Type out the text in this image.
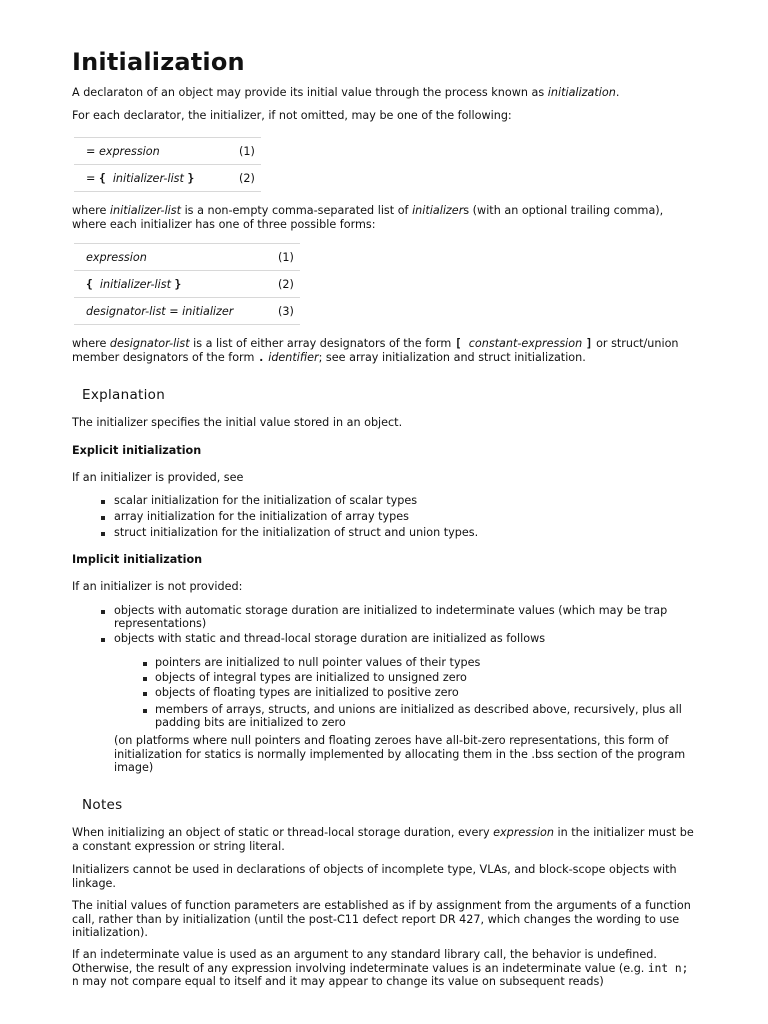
Initialization

A declaraton of an object may provide its initial value through the process known as initialization.

For each declarator, the initializer, if not omitted, may be one of the following:

= expression	(1)
= { initializer-list }	(2)

where initializer-list is a non-empty comma-separated list of initializers (with an optional trailing comma), where each initializer has one of three possible forms:

expression	(1)
{ initializer-list }	(2)
designator-list = initializer	(3)

where designator-list is a list of either array designators of the form [ constant-expression ] or struct/union member designators of the form . identifier; see array initialization and struct initialization.

Explanation

The initializer specifies the initial value stored in an object.

Explicit initialization

If an initializer is provided, see

scalar initialization for the initialization of scalar types
array initialization for the initialization of array types
struct initialization for the initialization of struct and union types.
Implicit initialization

If an initializer is not provided:

objects with automatic storage duration are initialized to indeterminate values (which may be trap representations)
objects with static and thread-local storage duration are initialized as follows
pointers are initialized to null pointer values of their types
objects of integral types are initialized to unsigned zero
objects of floating types are initialized to positive zero
members of arrays, structs, and unions are initialized as described above, recursively, plus all padding bits are initialized to zero

(on platforms where null pointers and floating zeroes have all-bit-zero representations, this form of initialization for statics is normally implemented by allocating them in the .bss section of the program image)

Notes

When initializing an object of static or thread-local storage duration, every expression in the initializer must be a constant expression or string literal.

Initializers cannot be used in declarations of objects of incomplete type, VLAs, and block-scope objects with linkage.

The initial values of function parameters are established as if by assignment from the arguments of a function call, rather than by initialization (until the post-C11 defect report DR 427, which changes the wording to use initialization).

If an indeterminate value is used as an argument to any standard library call, the behavior is undefined. Otherwise, the result of any expression involving indeterminate values is an indeterminate value (e.g. int n; n may not compare equal to itself and it may appear to change its value on subsequent reads)
